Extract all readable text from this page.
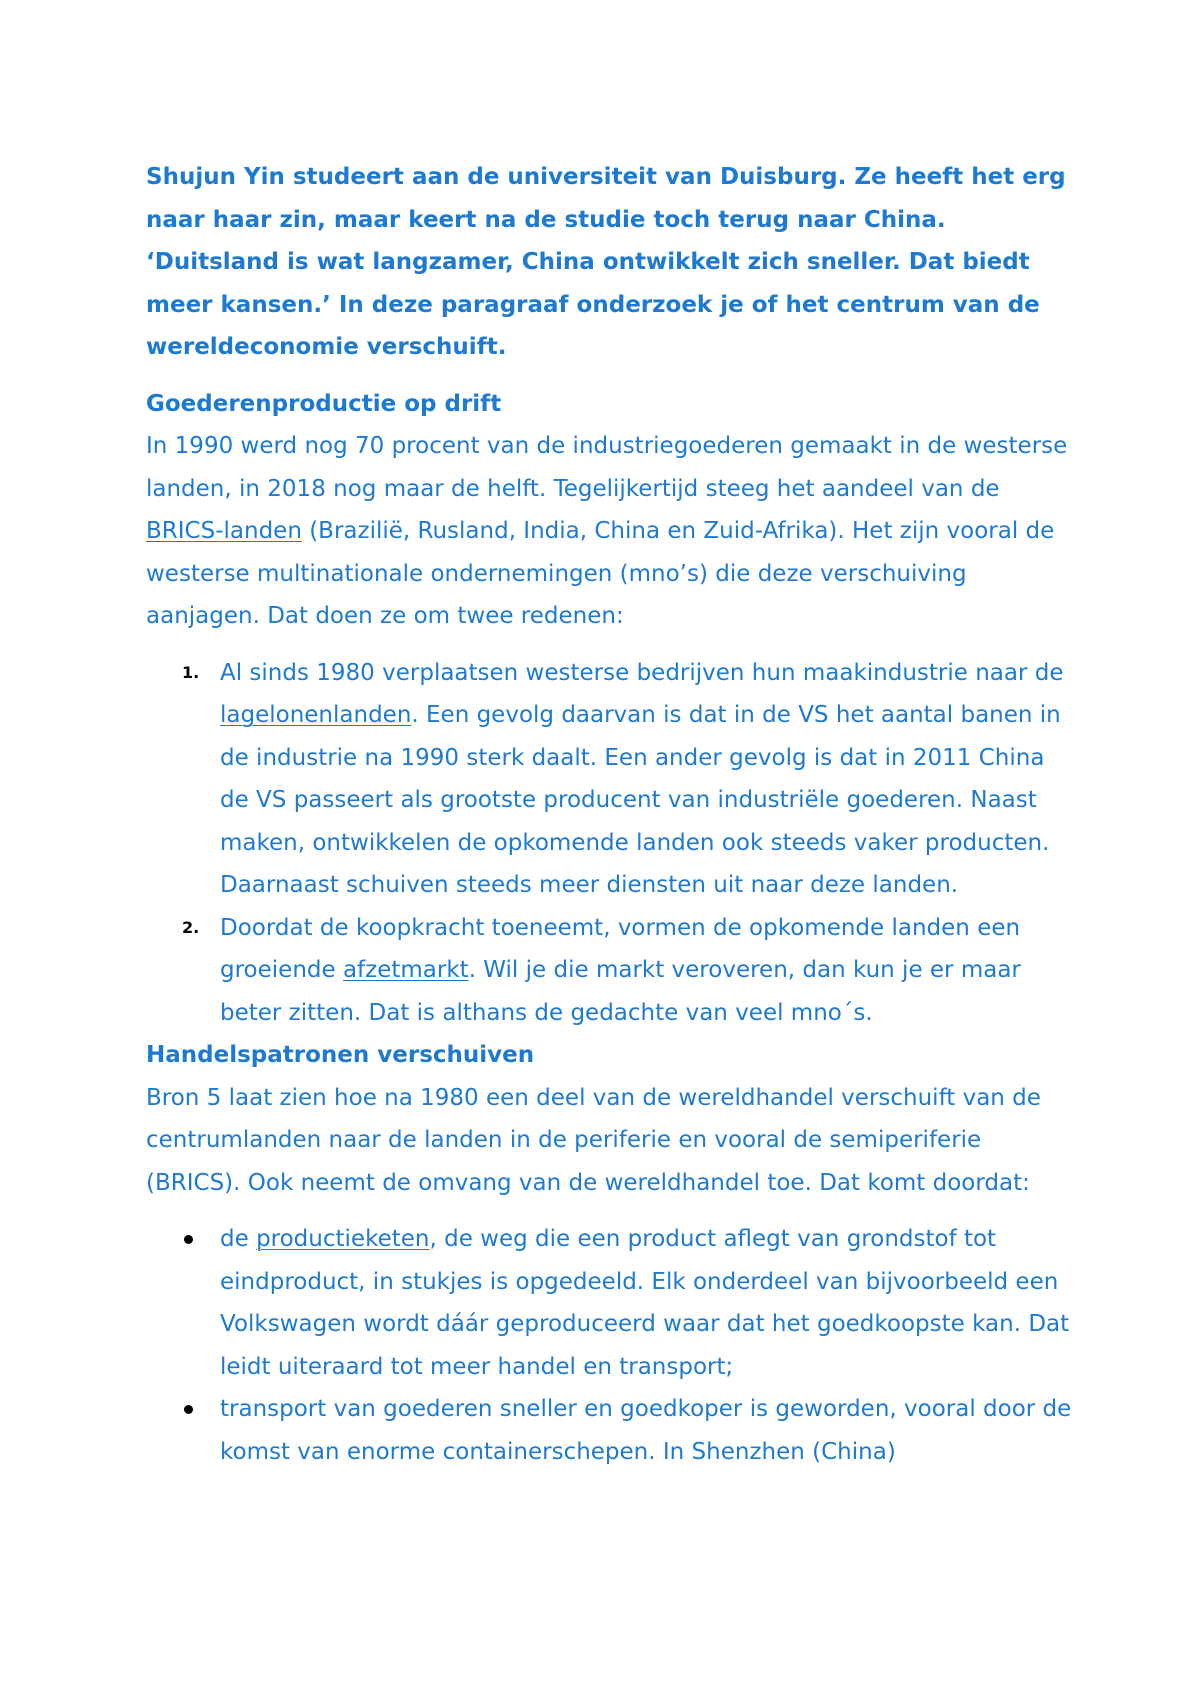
Shujun Yin studeert aan de universiteit van Duisburg. Ze heeft het erg naar haar zin, maar keert na de studie toch terug naar China. ‘Duitsland is wat langzamer, China ontwikkelt zich sneller. Dat biedt meer kansen.’ In deze paragraaf onderzoek je of het centrum van de wereldeconomie verschuift.

Goederenproductie op drift

In 1990 werd nog 70 procent van de industriegoederen gemaakt in de westerse landen, in 2018 nog maar de helft. Tegelijkertijd steeg het aandeel van de BRICS-landen (Brazilië, Rusland, India, China en Zuid-Afrika). Het zijn vooral de westerse multinationale ondernemingen (mno’s) die deze verschuiving aanjagen. Dat doen ze om twee redenen:

1. Al sinds 1980 verplaatsen westerse bedrijven hun maakindustrie naar de lagelonenlanden. Een gevolg daarvan is dat in de VS het aantal banen in de industrie na 1990 sterk daalt. Een ander gevolg is dat in 2011 China de VS passeert als grootste producent van industriële goederen. Naast maken, ontwikkelen de opkomende landen ook steeds vaker producten. Daarnaast schuiven steeds meer diensten uit naar deze landen.
2. Doordat de koopkracht toeneemt, vormen de opkomende landen een groeiende afzetmarkt. Wil je die markt veroveren, dan kun je er maar beter zitten. Dat is althans de gedachte van veel mno´s.

Handelspatronen verschuiven

Bron 5 laat zien hoe na 1980 een deel van de wereldhandel verschuift van de centrumlanden naar de landen in de periferie en vooral de semiperiferie (BRICS). Ook neemt de omvang van de wereldhandel toe. Dat komt doordat:

de productieketen, de weg die een product aflegt van grondstof tot eindproduct, in stukjes is opgedeeld. Elk onderdeel van bijvoorbeeld een Volkswagen wordt dáár geproduceerd waar dat het goedkoopste kan. Dat leidt uiteraard tot meer handel en transport;
transport van goederen sneller en goedkoper is geworden, vooral door de komst van enorme containerschepen. In Shenzhen (China)
